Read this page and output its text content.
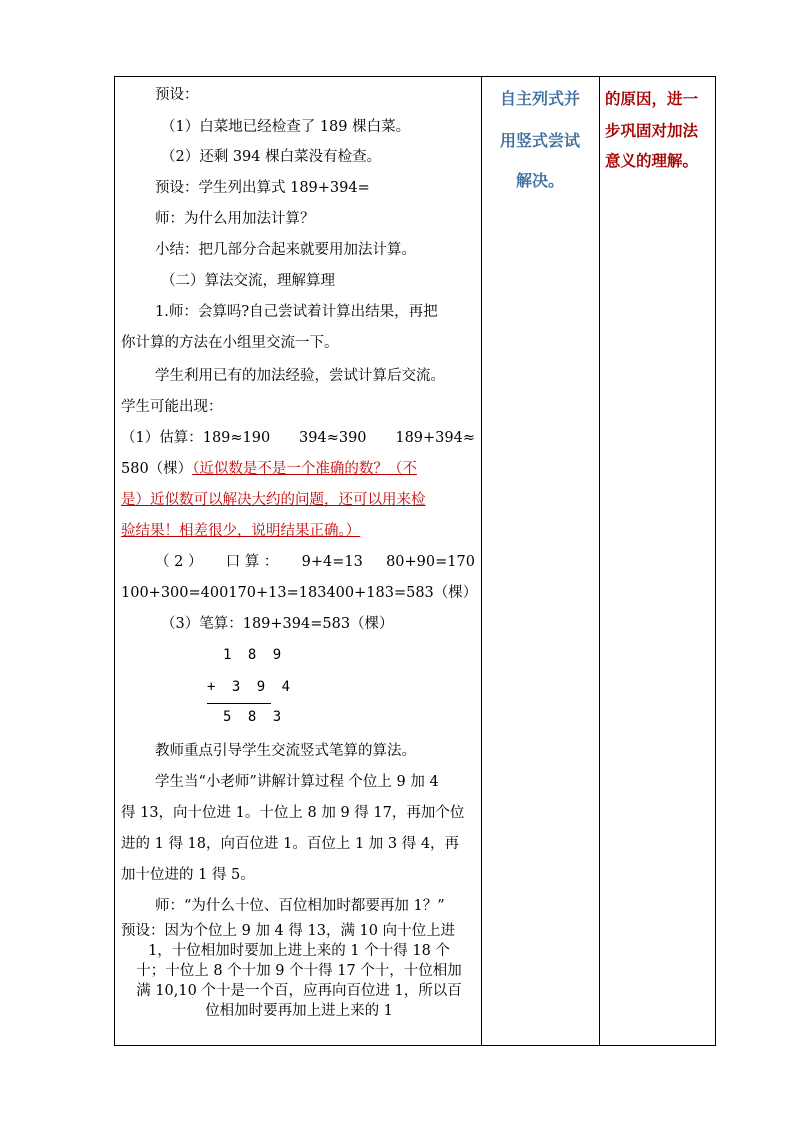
预设：
（1）白菜地已经检查了 189 棵白菜。
（2）还剩 394 棵白菜没有检查。
预设：学生列出算式 189+394=
师：为什么用加法计算？
小结：把几部分合起来就要用加法计算。
（二）算法交流，理解算理
1.师：会算吗?自己尝试着计算出结果，再把
你计算的方法在小组里交流一下。
学生利用已有的加法经验，尝试计算后交流。
学生可能出现：
（1）估算：189≈190 394≈390 189+394≈
580（棵）（近似数是不是一个准确的数？（不
是）近似数可以解决大约的问题，还可以用来检
验结果！相差很少，说明结果正确。）
（ 2 ） 口 算 ： 9+4=13 80+90=170
100+300=400 170+13=183 400+183=583（棵）
（3）笔算：189+394=583（棵）
1 8 9
+ 3 9 4
5 8 3
教师重点引导学生交流竖式笔算的算法。
学生当“小老师”讲解计算过程 个位上 9 加 4
得 13，向十位进 1。十位上 8 加 9 得 17，再加个位
进的 1 得 18，向百位进 1。百位上 1 加 3 得 4，再
加十位进的 1 得 5。
师：“为什么十位、百位相加时都要再加 1？”
预设：因为个位上 9 加 4 得 13，满 10 向十位上进
1，十位相加时要加上进上来的 1 个十得 18 个
十；十位上 8 个十加 9 个十得 17 个十，十位相加
满 10,10 个十是一个百，应再向百位进 1，所以百
位相加时要再加上进上来的 1
自主列式并
用竖式尝试
解决。
的原因，进一
步巩固对加法
意义的理解。
